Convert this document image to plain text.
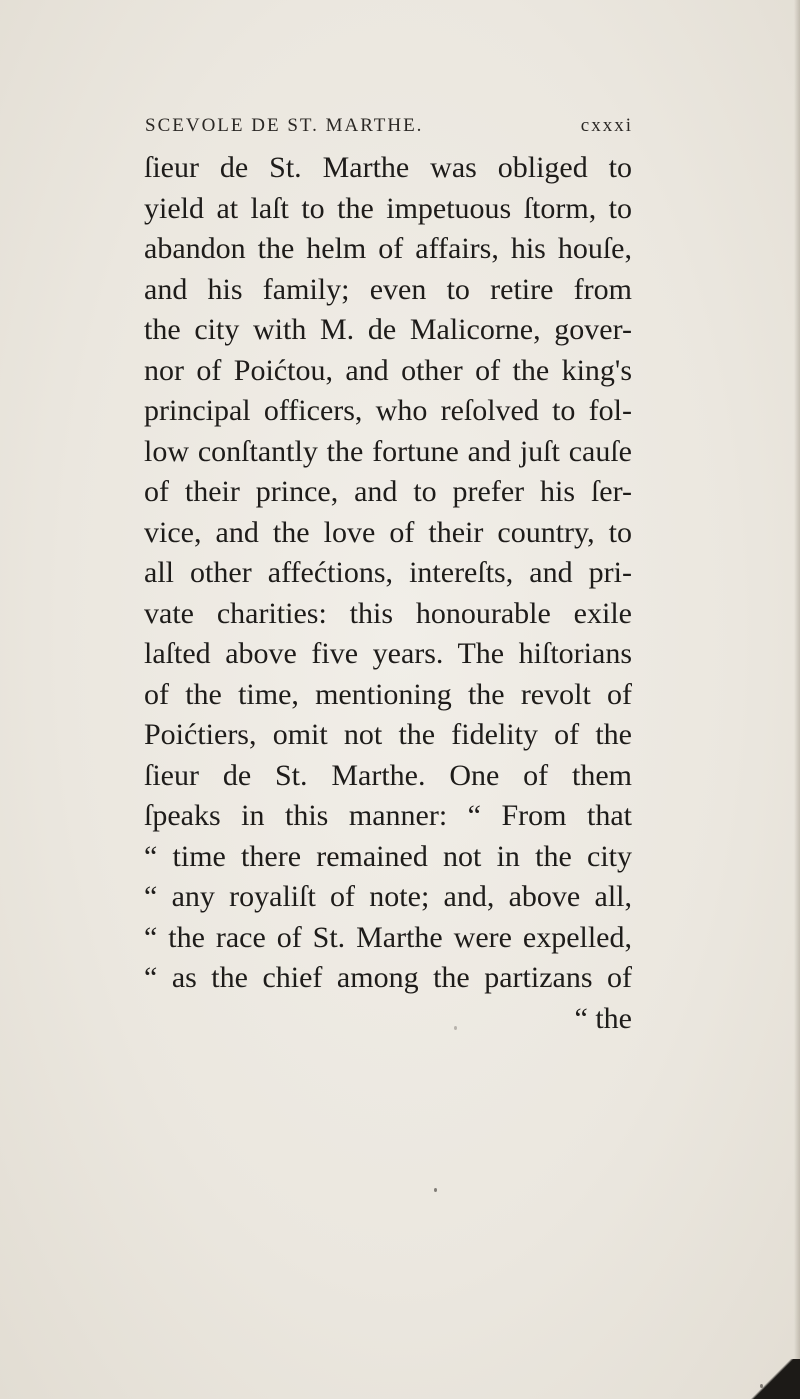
SCEVOLE DE ST. MARTHE.	cxxxi
ſieur de St. Marthe was obliged to
yield at laſt to the impetuous ſtorm, to
abandon the helm of affairs, his houſe,
and his family; even to retire from
the city with M. de Malicorne, gover-
nor of Poićtou, and other of the king's
principal officers, who reſolved to fol-
low conſtantly the fortune and juſt cauſe
of their prince, and to prefer his ſer-
vice, and the love of their country, to
all other affećtions, intereſts, and pri-
vate charities: this honourable exile
laſted above five years. The hiſtorians
of the time, mentioning the revolt of
Poićtiers, omit not the fidelity of the
ſieur de St. Marthe. One of them
ſpeaks in this manner: “ From that
“ time there remained not in the city
“ any royaliſt of note; and, above all,
“ the race of St. Marthe were expelled,
“ as the chief among the partizans of
“ the
